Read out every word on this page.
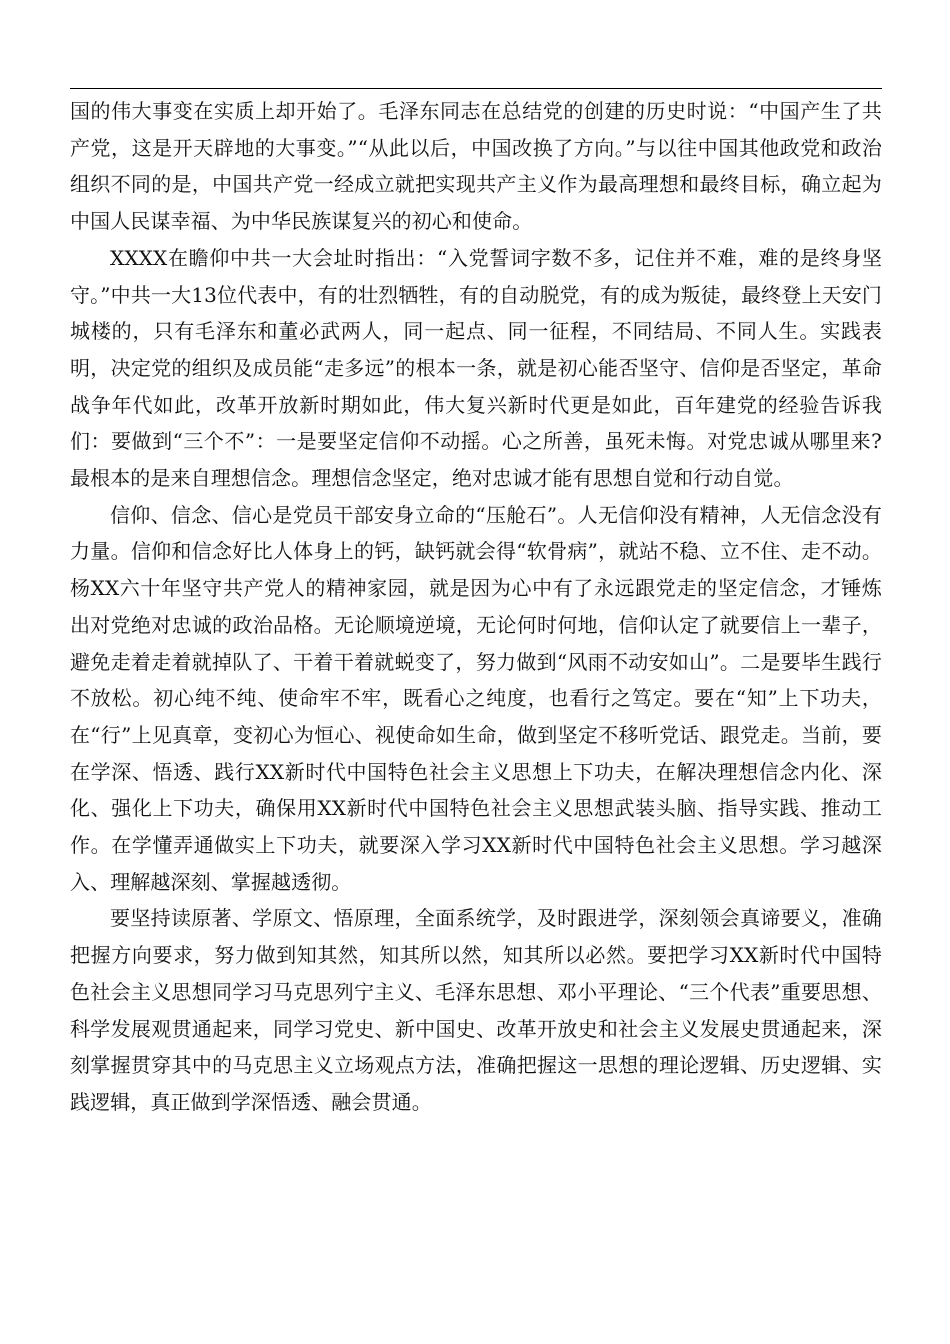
国的伟大事变在实质上却开始了。毛泽东同志在总结党的创建的历史时说：“中国产生了共产党，这是开天辟地的大事变。”“从此以后，中国改换了方向。”与以往中国其他政党和政治组织不同的是，中国共产党一经成立就把实现共产主义作为最高理想和最终目标，确立起为中国人民谋幸福、为中华民族谋复兴的初心和使命。

XXXX在瞻仰中共一大会址时指出：“入党誓词字数不多，记住并不难，难的是终身坚守。”中共一大13位代表中，有的壮烈牺牲，有的自动脱党，有的成为叛徒，最终登上天安门城楼的，只有毛泽东和董必武两人，同一起点、同一征程，不同结局、不同人生。实践表明，决定党的组织及成员能“走多远”的根本一条，就是初心能否坚守、信仰是否坚定，革命战争年代如此，改革开放新时期如此，伟大复兴新时代更是如此，百年建党的经验告诉我们：要做到“三个不”：一是要坚定信仰不动摇。心之所善，虽死未悔。对党忠诚从哪里来?最根本的是来自理想信念。理想信念坚定，绝对忠诚才能有思想自觉和行动自觉。

信仰、信念、信心是党员干部安身立命的“压舱石”。人无信仰没有精神，人无信念没有力量。信仰和信念好比人体身上的钙，缺钙就会得“软骨病”，就站不稳、立不住、走不动。杨XX六十年坚守共产党人的精神家园，就是因为心中有了永远跟党走的坚定信念，才锤炼出对党绝对忠诚的政治品格。无论顺境逆境，无论何时何地，信仰认定了就要信上一辈子，避免走着走着就掉队了、干着干着就蜕变了，努力做到“风雨不动安如山”。二是要毕生践行不放松。初心纯不纯、使命牢不牢，既看心之纯度，也看行之笃定。要在“知”上下功夫，在“行”上见真章，变初心为恒心、视使命如生命，做到坚定不移听党话、跟党走。当前，要在学深、悟透、践行XX新时代中国特色社会主义思想上下功夫，在解决理想信念内化、深化、强化上下功夫，确保用XX新时代中国特色社会主义思想武装头脑、指导实践、推动工作。在学懂弄通做实上下功夫，就要深入学习XX新时代中国特色社会主义思想。学习越深入、理解越深刻、掌握越透彻。

要坚持读原著、学原文、悟原理，全面系统学，及时跟进学，深刻领会真谛要义，准确把握方向要求，努力做到知其然，知其所以然，知其所以必然。要把学习XX新时代中国特色社会主义思想同学习马克思列宁主义、毛泽东思想、邓小平理论、“三个代表”重要思想、科学发展观贯通起来，同学习党史、新中国史、改革开放史和社会主义发展史贯通起来，深刻掌握贯穿其中的马克思主义立场观点方法，准确把握这一思想的理论逻辑、历史逻辑、实践逻辑，真正做到学深悟透、融会贯通。
